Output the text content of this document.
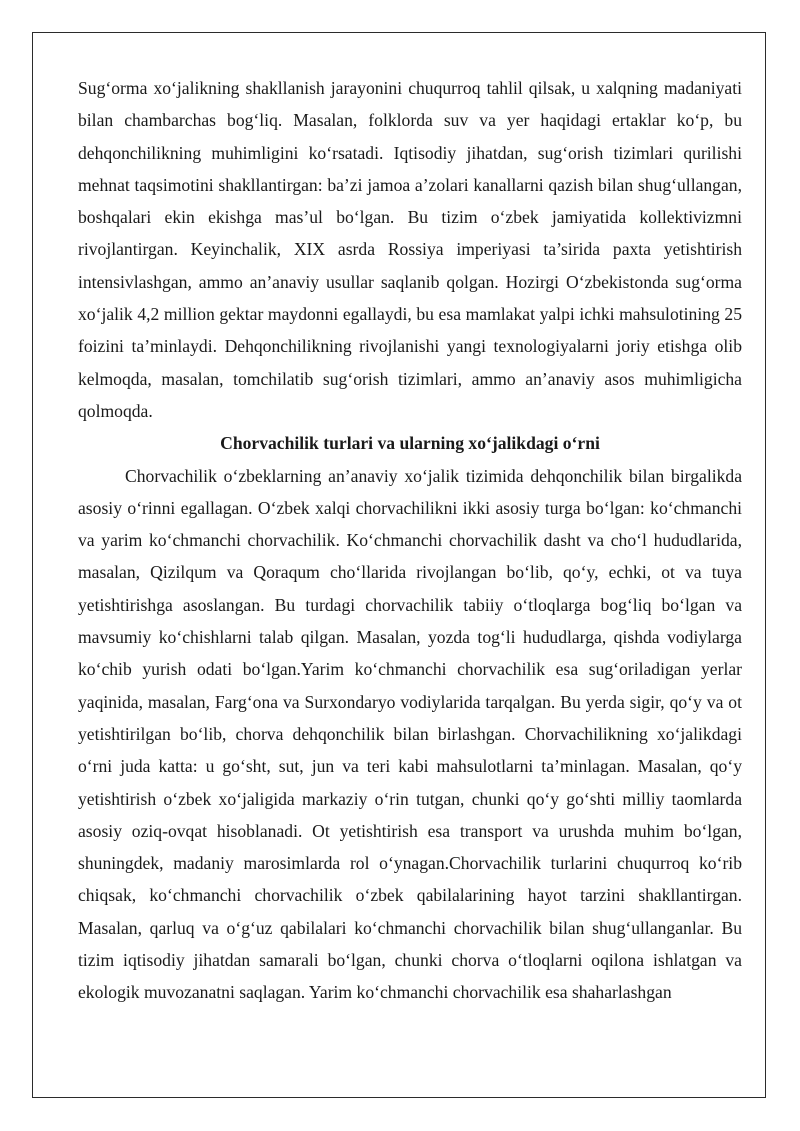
Sug‘orma xo‘jalikning shakllanish jarayonini chuqurroq tahlil qilsak, u xalqning madaniyati bilan chambarchas bog‘liq. Masalan, folklorda suv va yer haqidagi ertaklar ko‘p, bu dehqonchilikning muhimligini ko‘rsatadi. Iqtisodiy jihatdan, sug‘orish tizimlari qurilishi mehnat taqsimotini shakllantirgan: ba’zi jamoa a’zolari kanallarni qazish bilan shug‘ullangan, boshqalari ekin ekishga mas’ul bo‘lgan. Bu tizim o‘zbek jamiyatida kollektivizmni rivojlantirgan. Keyinchalik, XIX asrda Rossiya imperiyasi ta’sirida paxta yetishtirish intensivlashgan, ammo an’anaviy usullar saqlanib qolgan. Hozirgi O‘zbekistonda sug‘orma xo‘jalik 4,2 million gektar maydonni egallaydi, bu esa mamlakat yalpi ichki mahsulotining 25 foizini ta’minlaydi. Dehqonchilikning rivojlanishi yangi texnologiyalarni joriy etishga olib kelmoqda, masalan, tomchilatib sug‘orish tizimlari, ammo an’anaviy asos muhimligicha qolmoqda.

Chorvachilik turlari va ularning xo‘jalikdagi o‘rni

Chorvachilik o‘zbeklarning an’anaviy xo‘jalik tizimida dehqonchilik bilan birgalikda asosiy o‘rinni egallagan. O‘zbek xalqi chorvachilikni ikki asosiy turga bo‘lgan: ko‘chmanchi va yarim ko‘chmanchi chorvachilik. Ko‘chmanchi chorvachilik dasht va cho‘l hududlarida, masalan, Qizilqum va Qoraqum cho‘llarida rivojlangan bo‘lib, qo‘y, echki, ot va tuya yetishtirishga asoslangan. Bu turdagi chorvachilik tabiiy o‘tloqlarga bog‘liq bo‘lgan va mavsumiy ko‘chishlarni talab qilgan. Masalan, yozda tog‘li hududlarga, qishda vodiylarga ko‘chib yurish odati bo‘lgan.Yarim ko‘chmanchi chorvachilik esa sug‘oriladigan yerlar yaqinida, masalan, Farg‘ona va Surxondaryo vodiylarida tarqalgan. Bu yerda sigir, qo‘y va ot yetishtirilgan bo‘lib, chorva dehqonchilik bilan birlashgan. Chorvachilikning xo‘jalikdagi o‘rni juda katta: u go‘sht, sut, jun va teri kabi mahsulotlarni ta’minlagan. Masalan, qo‘y yetishtirish o‘zbek xo‘jaligida markaziy o‘rin tutgan, chunki qo‘y go‘shti milliy taomlarda asosiy oziq-ovqat hisoblanadi. Ot yetishtirish esa transport va urushda muhim bo‘lgan, shuningdek, madaniy marosimlarda rol o‘ynagan.Chorvachilik turlarini chuqurroq ko‘rib chiqsak, ko‘chmanchi chorvachilik o‘zbek qabilalarining hayot tarzini shakllantirgan. Masalan, qarluq va o‘g‘uz qabilalari ko‘chmanchi chorvachilik bilan shug‘ullanganlar. Bu tizim iqtisodiy jihatdan samarali bo‘lgan, chunki chorva o‘tloqlarni oqilona ishlatgan va ekologik muvozanatni saqlagan. Yarim ko‘chmanchi chorvachilik esa shaharlashgan
